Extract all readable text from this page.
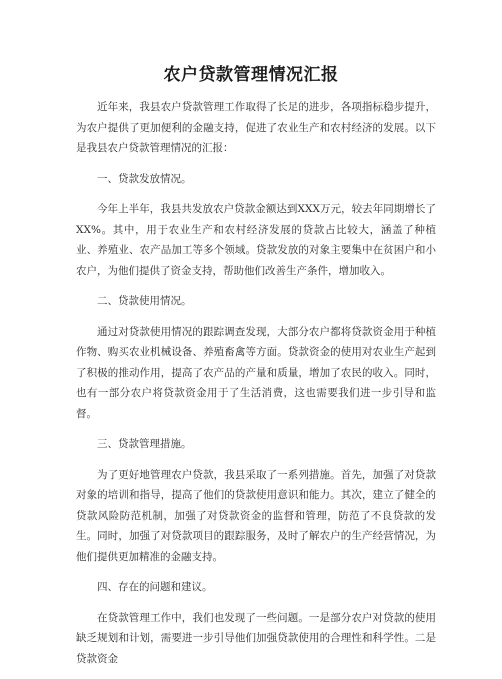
农户贷款管理情况汇报

近年来，我县农户贷款管理工作取得了长足的进步，各项指标稳步提升，为农户提供了更加便利的金融支持，促进了农业生产和农村经济的发展。以下是我县农户贷款管理情况的汇报：

一、贷款发放情况。

今年上半年，我县共发放农户贷款金额达到XXX万元，较去年同期增长了XX%。其中，用于农业生产和农村经济发展的贷款占比较大，涵盖了种植业、养殖业、农产品加工等多个领域。贷款发放的对象主要集中在贫困户和小农户，为他们提供了资金支持，帮助他们改善生产条件，增加收入。

二、贷款使用情况。

通过对贷款使用情况的跟踪调查发现，大部分农户都将贷款资金用于种植作物、购买农业机械设备、养殖畜禽等方面。贷款资金的使用对农业生产起到了积极的推动作用，提高了农产品的产量和质量，增加了农民的收入。同时，也有一部分农户将贷款资金用于了生活消费，这也需要我们进一步引导和监督。

三、贷款管理措施。

为了更好地管理农户贷款，我县采取了一系列措施。首先，加强了对贷款对象的培训和指导，提高了他们的贷款使用意识和能力。其次，建立了健全的贷款风险防范机制，加强了对贷款资金的监督和管理，防范了不良贷款的发生。同时，加强了对贷款项目的跟踪服务，及时了解农户的生产经营情况，为他们提供更加精准的金融支持。

四、存在的问题和建议。

在贷款管理工作中，我们也发现了一些问题。一是部分农户对贷款的使用缺乏规划和计划，需要进一步引导他们加强贷款使用的合理性和科学性。二是贷款资金
